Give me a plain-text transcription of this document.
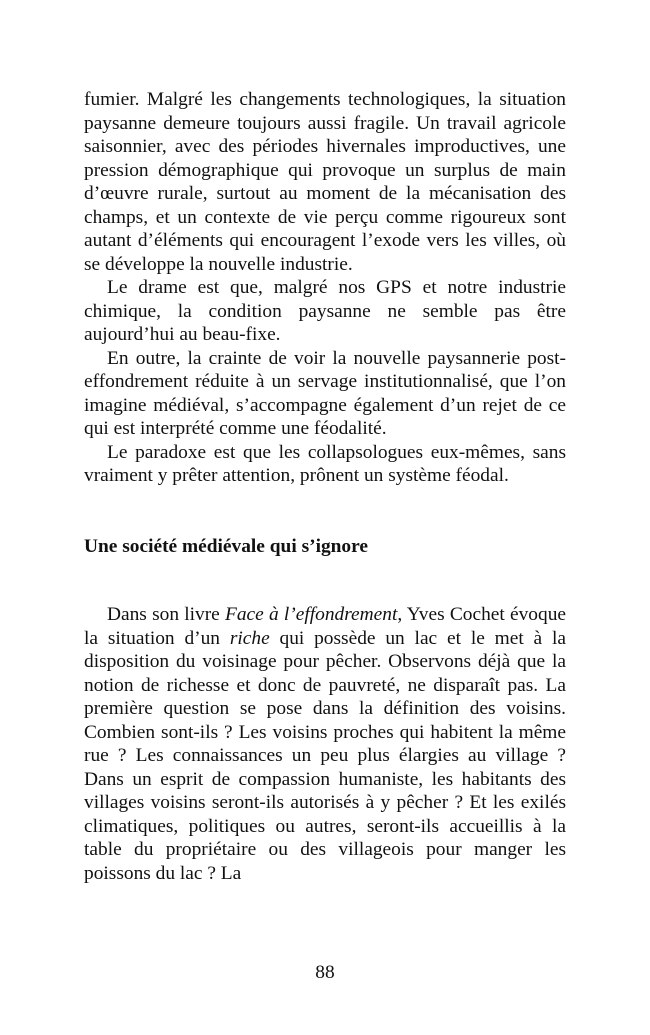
fumier. Malgré les changements technologiques, la situation paysanne demeure toujours aussi fragile. Un travail agricole saisonnier, avec des périodes hivernales improductives, une pression démographique qui provoque un surplus de main d’œuvre rurale, surtout au moment de la mécanisation des champs, et un contexte de vie perçu comme rigoureux sont autant d’éléments qui encouragent l’exode vers les villes, où se développe la nouvelle industrie.

Le drame est que, malgré nos GPS et notre industrie chimique, la condition paysanne ne semble pas être aujourd’hui au beau-fixe.

En outre, la crainte de voir la nouvelle paysannerie post-effondrement réduite à un servage institutionnalisé, que l’on imagine médiéval, s’accompagne également d’un rejet de ce qui est interprété comme une féodalité.

Le paradoxe est que les collapsologues eux-mêmes, sans vraiment y prêter attention, prônent un système féodal.

Une société médiévale qui s’ignore

Dans son livre Face à l’effondrement, Yves Cochet évoque la situation d’un riche qui possède un lac et le met à la disposition du voisinage pour pêcher. Observons déjà que la notion de richesse et donc de pauvreté, ne disparaît pas. La première question se pose dans la définition des voisins. Combien sont-ils ? Les voisins proches qui habitent la même rue ? Les connaissances un peu plus élargies au village ? Dans un esprit de compassion humaniste, les habitants des villages voisins seront-ils autorisés à y pêcher ? Et les exilés climatiques, politiques ou autres, seront-ils accueillis à la table du propriétaire ou des villageois pour manger les poissons du lac ? La

88
